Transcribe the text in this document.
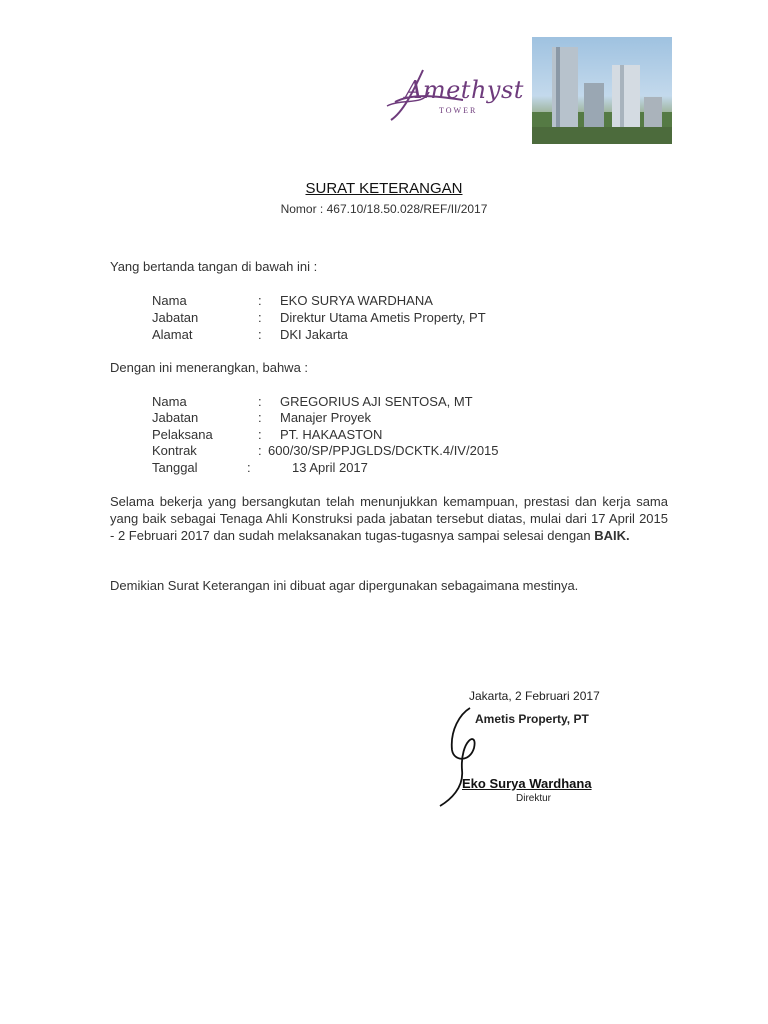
Amethyst
TOWER
SURAT KETERANGAN
Nomor : 467.10/18.50.028/REF/II/2017
Yang bertanda tangan di bawah ini :
Nama	: EKO SURYA WARDHANA
Jabatan	: Direktur Utama Ametis Property, PT
Alamat	: DKI Jakarta
Dengan ini menerangkan, bahwa :
Nama	: GREGORIUS AJI SENTOSA, MT
Jabatan	: Manajer Proyek
Pelaksana	: PT. HAKAASTON
Kontrak	: 600/30/SP/PPJGLDS/DCKTK.4/IV/2015
Tanggal	:	13 April 2017
Selama bekerja yang bersangkutan telah menunjukkan kemampuan, prestasi dan kerja sama yang baik sebagai Tenaga Ahli Konstruksi pada jabatan tersebut diatas, mulai dari 17 April 2015 - 2 Februari 2017 dan sudah melaksanakan tugas-tugasnya sampai selesai dengan BAIK.
Demikian Surat Keterangan ini dibuat agar dipergunakan sebagaimana mestinya.
Jakarta, 2 Februari 2017
Ametis Property, PT
Eko Surya Wardhana
Direktur
